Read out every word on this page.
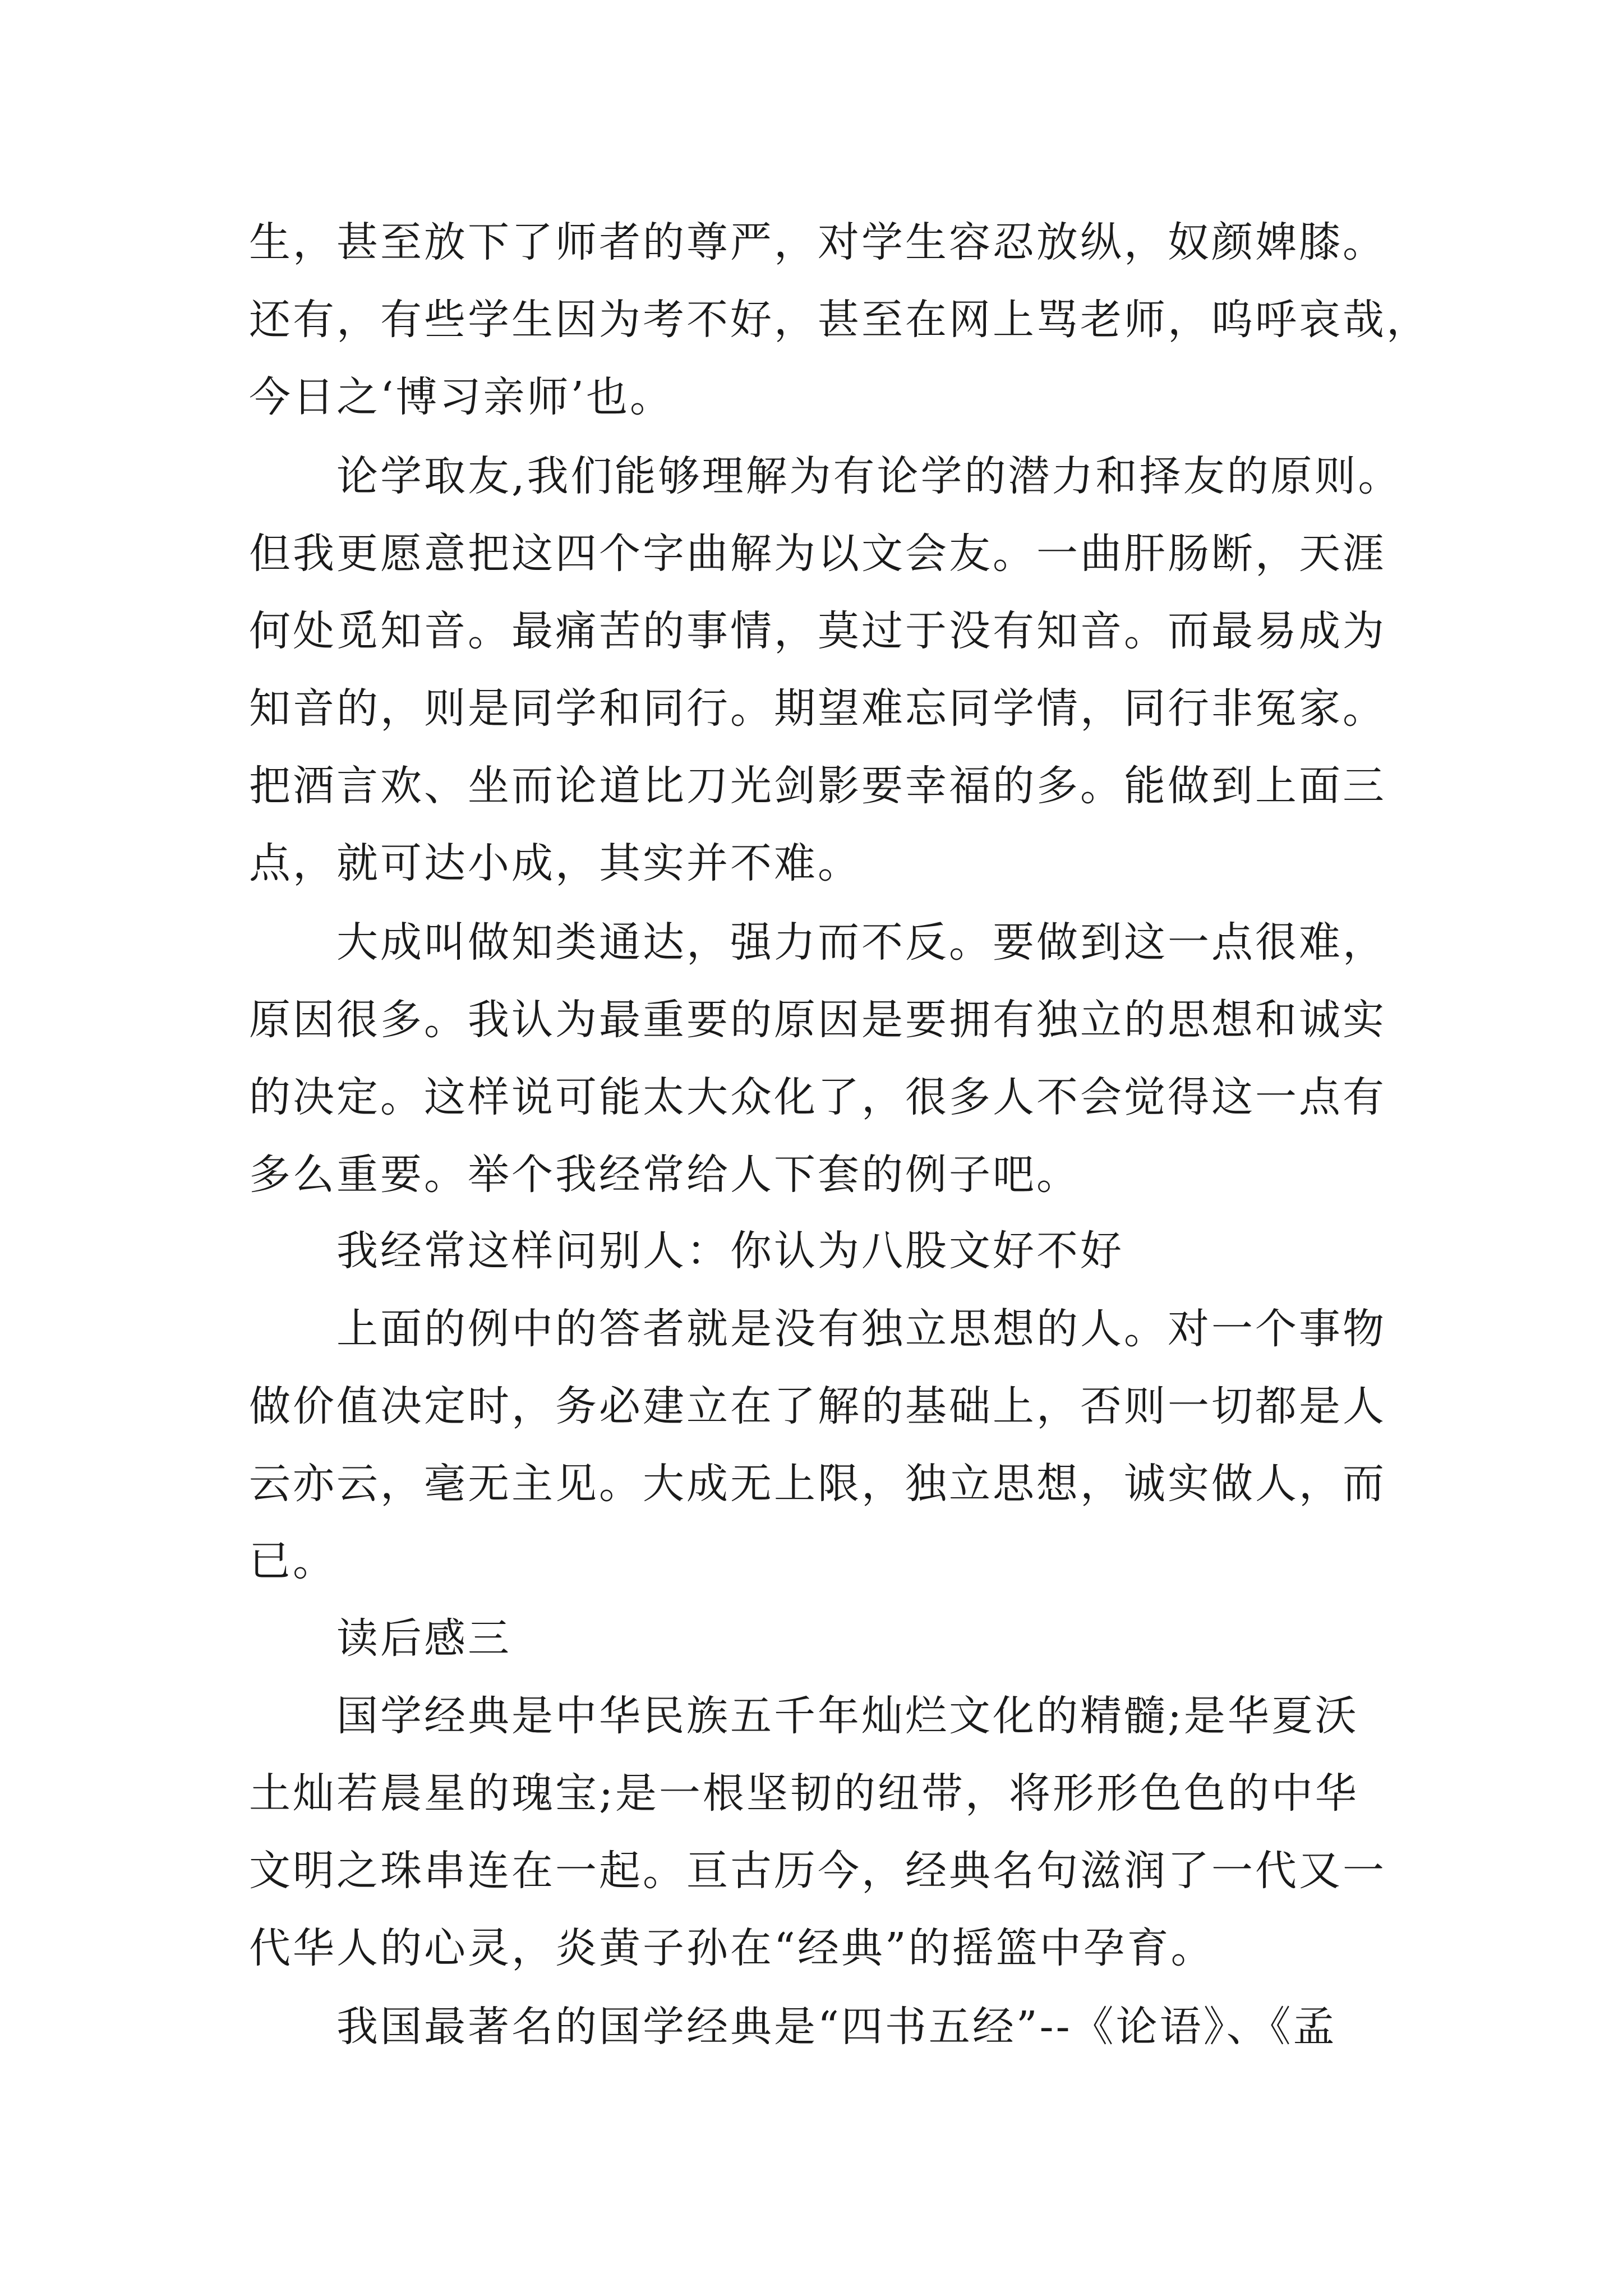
生，甚至放下了师者的尊严，对学生容忍放纵，奴颜婢膝。
还有，有些学生因为考不好，甚至在网上骂老师，呜呼哀哉，
今日之‘博习亲师’也。
论学取友,我们能够理解为有论学的潜力和择友的原则。
但我更愿意把这四个字曲解为以文会友。一曲肝肠断，天涯
何处觅知音。最痛苦的事情，莫过于没有知音。而最易成为
知音的，则是同学和同行。期望难忘同学情，同行非冤家。
把酒言欢、坐而论道比刀光剑影要幸福的多。能做到上面三
点，就可达小成，其实并不难。
大成叫做知类通达，强力而不反。要做到这一点很难，
原因很多。我认为最重要的原因是要拥有独立的思想和诚实
的决定。这样说可能太大众化了，很多人不会觉得这一点有
多么重要。举个我经常给人下套的例子吧。
我经常这样问别人：你认为八股文好不好
上面的例中的答者就是没有独立思想的人。对一个事物
做价值决定时，务必建立在了解的基础上，否则一切都是人
云亦云，毫无主见。大成无上限，独立思想，诚实做人，而
已。
读后感三
国学经典是中华民族五千年灿烂文化的精髓;是华夏沃
土灿若晨星的瑰宝;是一根坚韧的纽带，将形形色色的中华
文明之珠串连在一起。亘古历今，经典名句滋润了一代又一
代华人的心灵，炎黄子孙在“经典”的摇篮中孕育。
我国最著名的国学经典是“四书五经”--《论语》、《孟
